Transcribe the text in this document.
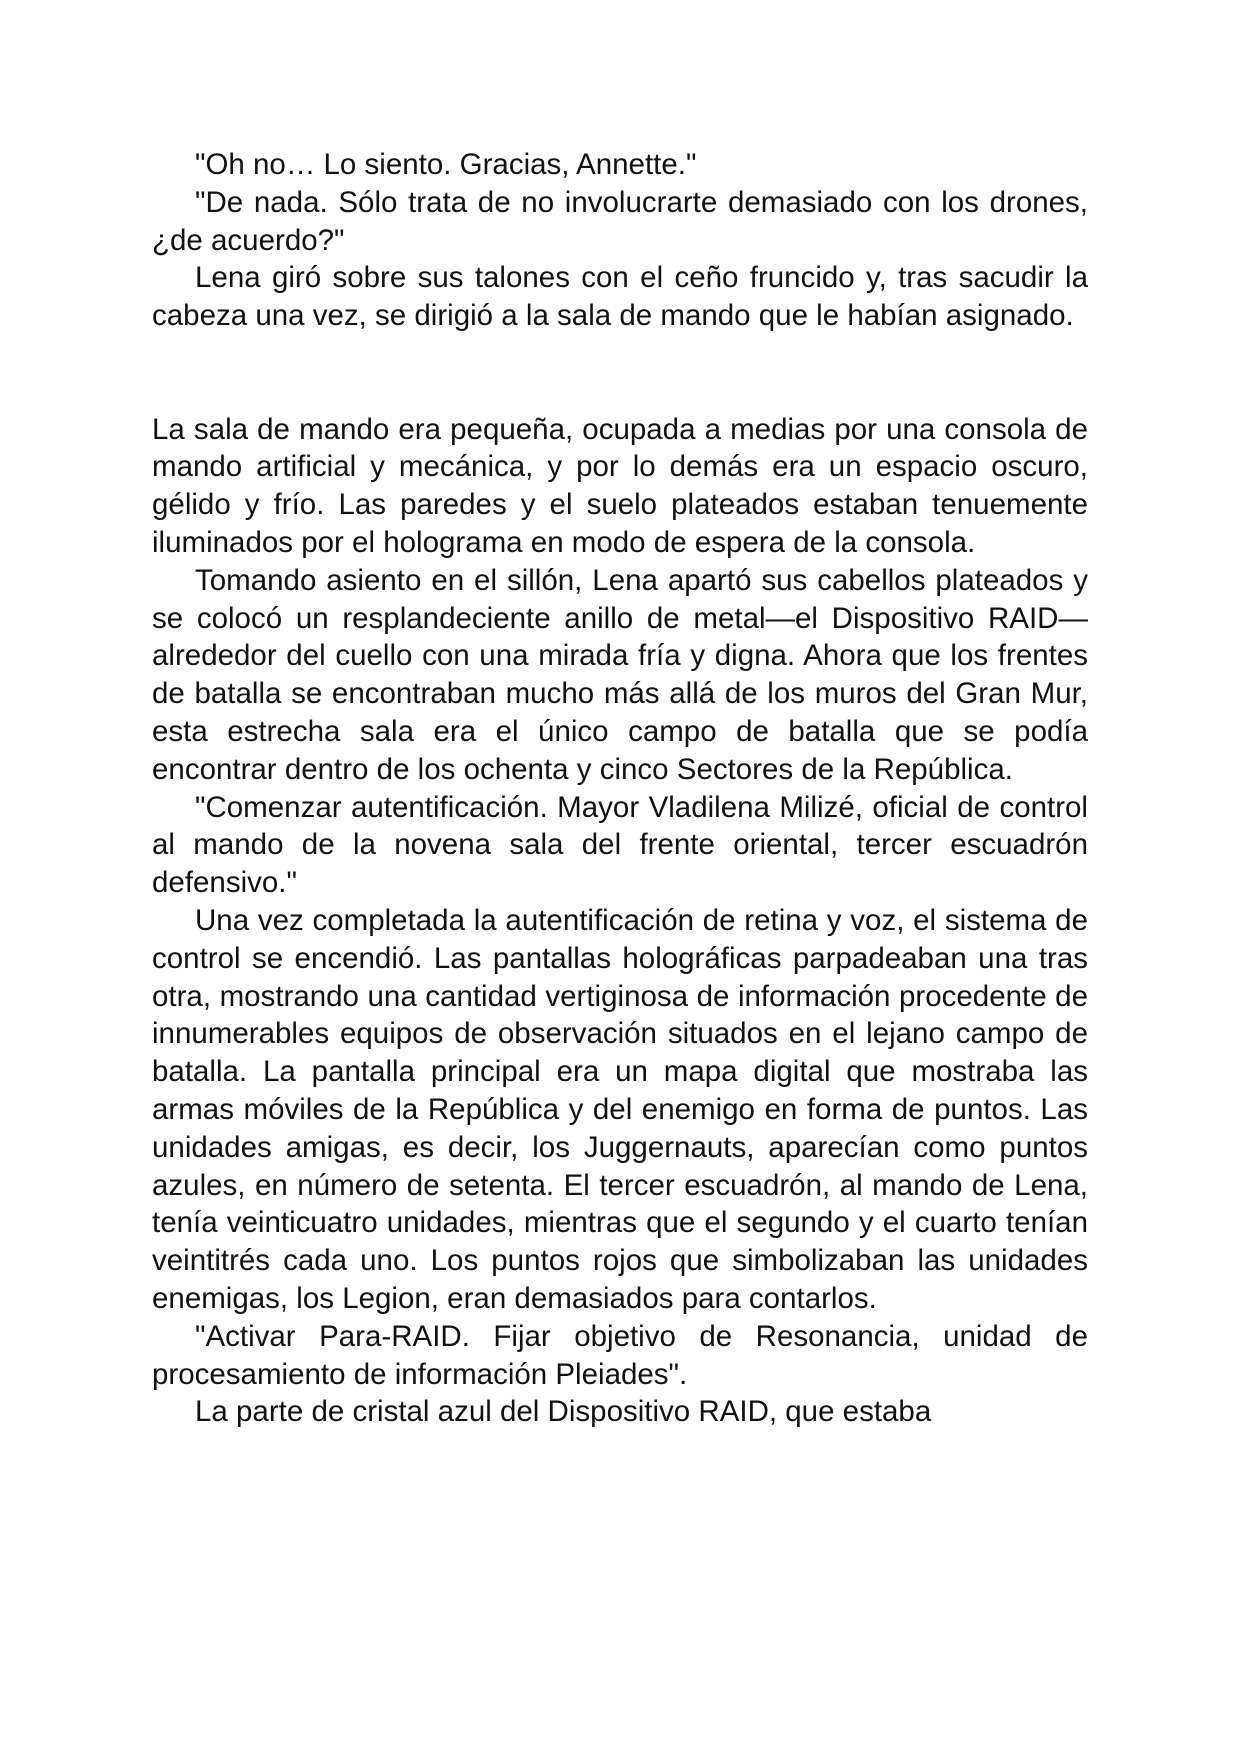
"Oh no… Lo siento. Gracias, Annette."

"De nada. Sólo trata de no involucrarte demasiado con los drones, ¿de acuerdo?"

Lena giró sobre sus talones con el ceño fruncido y, tras sacudir la cabeza una vez, se dirigió a la sala de mando que le habían asignado.

La sala de mando era pequeña, ocupada a medias por una consola de mando artificial y mecánica, y por lo demás era un espacio oscuro, gélido y frío. Las paredes y el suelo plateados estaban tenuemente iluminados por el holograma en modo de espera de la consola.

Tomando asiento en el sillón, Lena apartó sus cabellos plateados y se colocó un resplandeciente anillo de metal—el Dispositivo RAID—alrededor del cuello con una mirada fría y digna. Ahora que los frentes de batalla se encontraban mucho más allá de los muros del Gran Mur, esta estrecha sala era el único campo de batalla que se podía encontrar dentro de los ochenta y cinco Sectores de la República.

"Comenzar autentificación. Mayor Vladilena Milizé, oficial de control al mando de la novena sala del frente oriental, tercer escuadrón defensivo."

Una vez completada la autentificación de retina y voz, el sistema de control se encendió. Las pantallas holográficas parpadeaban una tras otra, mostrando una cantidad vertiginosa de información procedente de innumerables equipos de observación situados en el lejano campo de batalla. La pantalla principal era un mapa digital que mostraba las armas móviles de la República y del enemigo en forma de puntos. Las unidades amigas, es decir, los Juggernauts, aparecían como puntos azules, en número de setenta. El tercer escuadrón, al mando de Lena, tenía veinticuatro unidades, mientras que el segundo y el cuarto tenían veintitrés cada uno. Los puntos rojos que simbolizaban las unidades enemigas, los Legion, eran demasiados para contarlos.

"Activar Para-RAID. Fijar objetivo de Resonancia, unidad de procesamiento de información Pleiades".

La parte de cristal azul del Dispositivo RAID, que estaba
